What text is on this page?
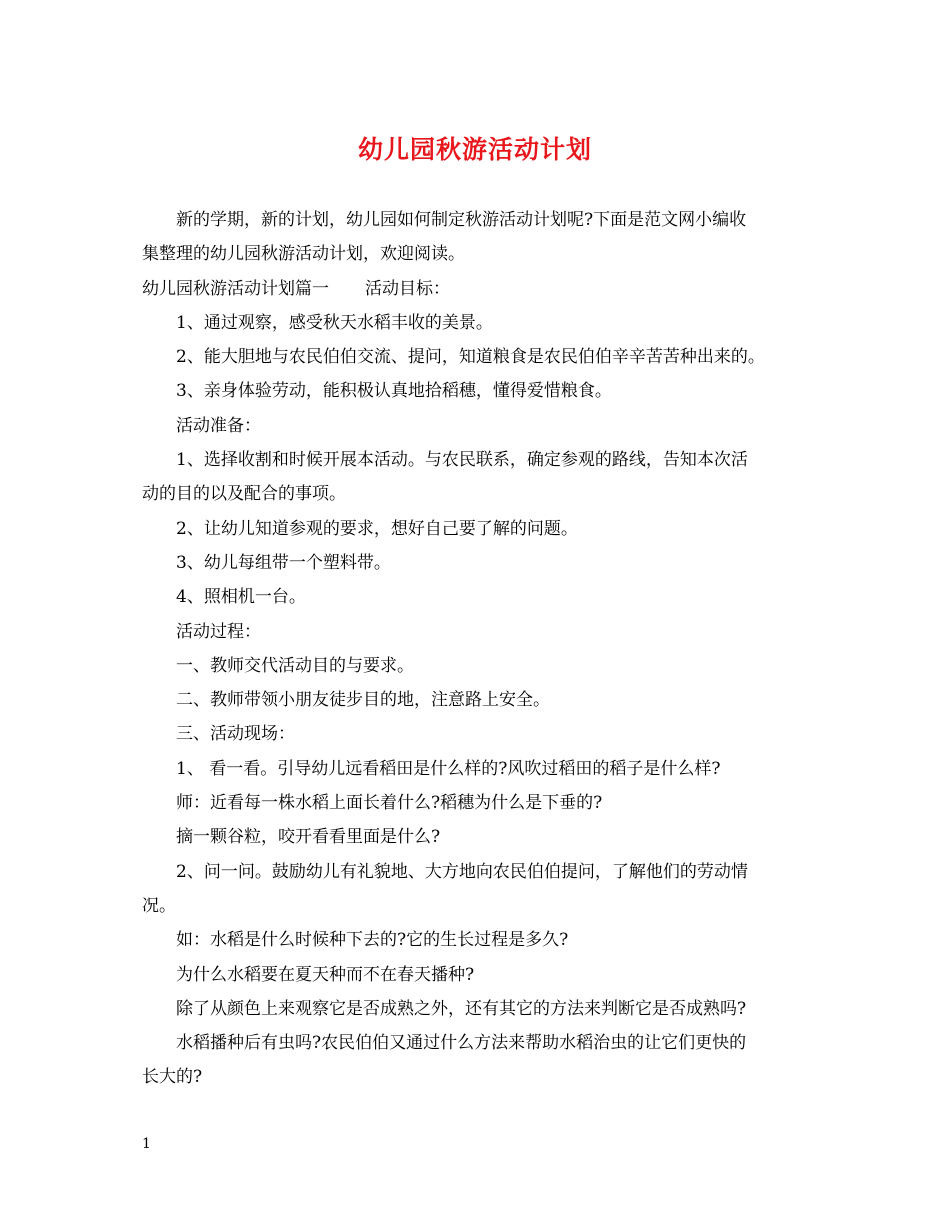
幼儿园秋游活动计划
新的学期，新的计划，幼儿园如何制定秋游活动计划呢?下面是范文网小编收
集整理的幼儿园秋游活动计划，欢迎阅读。
幼儿园秋游活动计划篇一 活动目标：
1、通过观察，感受秋天水稻丰收的美景。
2、能大胆地与农民伯伯交流、提问，知道粮食是农民伯伯辛辛苦苦种出来的。
3、亲身体验劳动，能积极认真地拾稻穗，懂得爱惜粮食。
活动准备：
1、选择收割和时候开展本活动。与农民联系，确定参观的路线，告知本次活
动的目的以及配合的事项。
2、让幼儿知道参观的要求，想好自己要了解的问题。
3、幼儿每组带一个塑料带。
4、照相机一台。
活动过程：
一、教师交代活动目的与要求。
二、教师带领小朋友徒步目的地，注意路上安全。
三、活动现场：
1、 看一看。引导幼儿远看稻田是什么样的?风吹过稻田的稻子是什么样?
师：近看每一株水稻上面长着什么?稻穗为什么是下垂的?
摘一颗谷粒，咬开看看里面是什么?
2、问一问。鼓励幼儿有礼貌地、大方地向农民伯伯提问，了解他们的劳动情
况。
如：水稻是什么时候种下去的?它的生长过程是多久?
为什么水稻要在夏天种而不在春天播种?
除了从颜色上来观察它是否成熟之外，还有其它的方法来判断它是否成熟吗?
水稻播种后有虫吗?农民伯伯又通过什么方法来帮助水稻治虫的让它们更快的
长大的?
1
